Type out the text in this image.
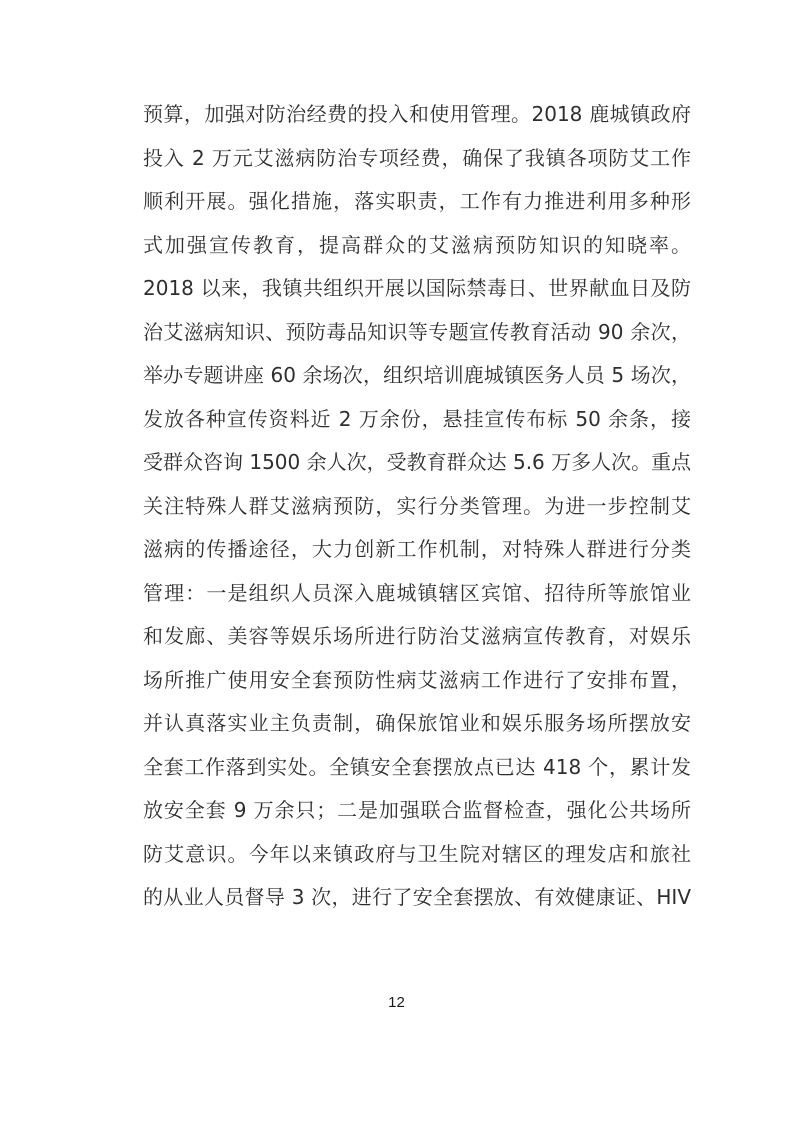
预算，加强对防治经费的投入和使用管理。2018 鹿城镇政府
投入 2 万元艾滋病防治专项经费，确保了我镇各项防艾工作
顺利开展。强化措施，落实职责，工作有力推进利用多种形
式加强宣传教育，提高群众的艾滋病预防知识的知晓率。
2018 以来，我镇共组织开展以国际禁毒日、世界献血日及防
治艾滋病知识、预防毒品知识等专题宣传教育活动 90 余次，
举办专题讲座 60 余场次，组织培训鹿城镇医务人员 5 场次，
发放各种宣传资料近 2 万余份，悬挂宣传布标 50 余条，接
受群众咨询 1500 余人次，受教育群众达 5.6 万多人次。重点
关注特殊人群艾滋病预防，实行分类管理。为进一步控制艾
滋病的传播途径，大力创新工作机制，对特殊人群进行分类
管理：一是组织人员深入鹿城镇辖区宾馆、招待所等旅馆业
和发廊、美容等娱乐场所进行防治艾滋病宣传教育，对娱乐
场所推广使用安全套预防性病艾滋病工作进行了安排布置，
并认真落实业主负责制，确保旅馆业和娱乐服务场所摆放安
全套工作落到实处。全镇安全套摆放点已达 418 个，累计发
放安全套 9 万余只；二是加强联合监督检查，强化公共场所
防艾意识。今年以来镇政府与卫生院对辖区的理发店和旅社
的从业人员督导 3 次，进行了安全套摆放、有效健康证、HIV
12
